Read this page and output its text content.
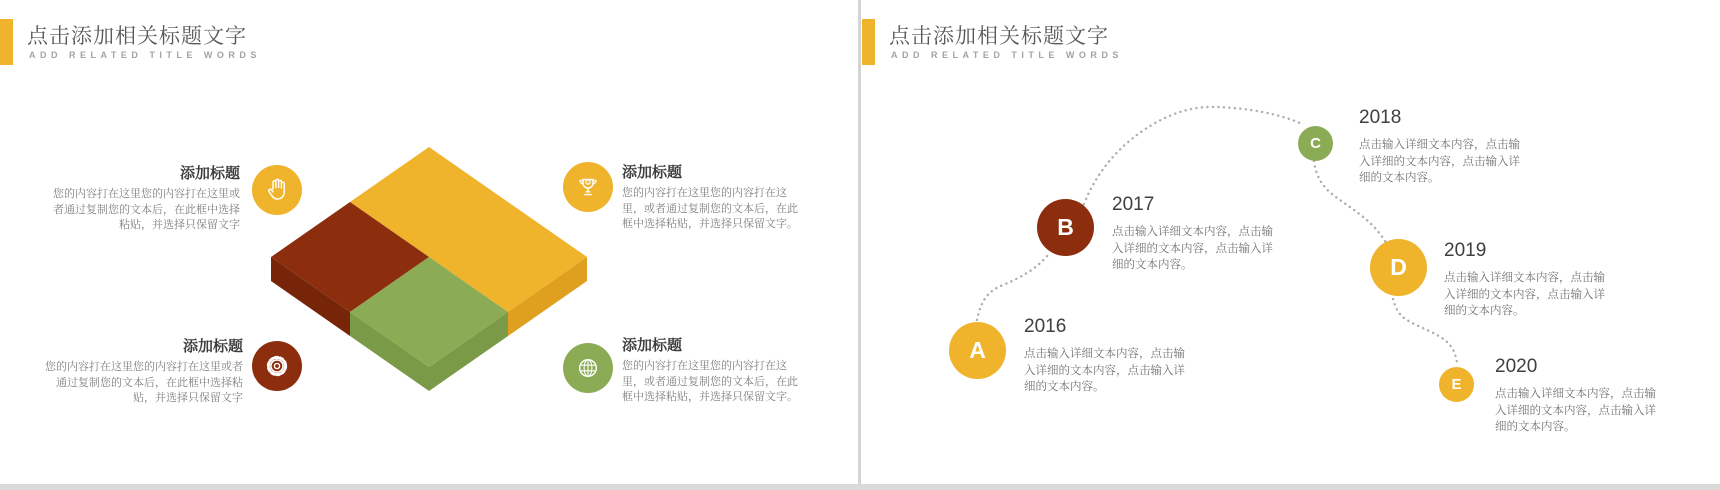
点击添加相关标题文字
ADD RELATED TITLE WORDS

添加标题

您的内容打在这里您的内容打在这里或者通过复制您的文本后，在此框中选择粘贴，并选择只保留文字

1

添加标题

您的内容打在这里您的内容打在这里，或者通过复制您的文本后，在此框中选择粘贴，并选择只保留文字。

添加标题

您的内容打在这里您的内容打在这里或者通过复制您的文本后，在此框中选择粘贴，并选择只保留文字

添加标题

您的内容打在这里您的内容打在这里，或者通过复制您的文本后，在此框中选择粘贴，并选择只保留文字。

点击添加相关标题文字
ADD RELATED TITLE WORDS
A
B
C
D
E

2016

点击输入详细文本内容，点击输入详细的文本内容，点击输入详细的文本内容。

2017

点击输入详细文本内容，点击输入详细的文本内容，点击输入详细的文本内容。

2018

点击输入详细文本内容，点击输入详细的文本内容，点击输入详细的文本内容。

2019

点击输入详细文本内容，点击输入详细的文本内容，点击输入详细的文本内容。

2020

点击输入详细文本内容，点击输入详细的文本内容，点击输入详细的文本内容。
